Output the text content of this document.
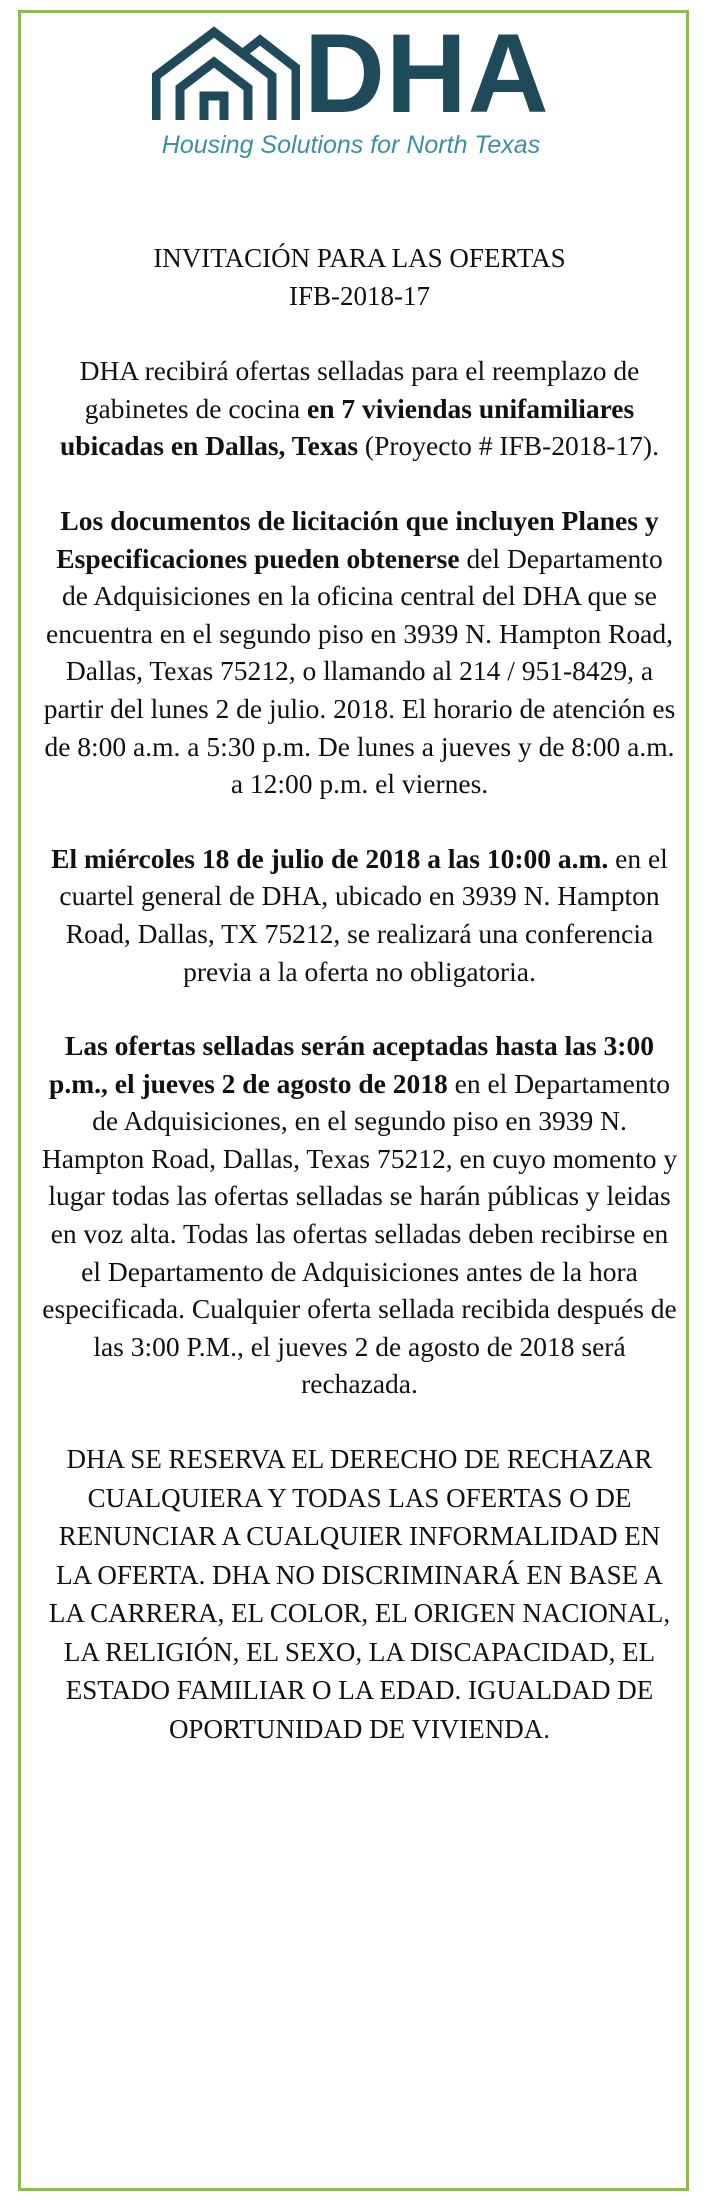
DHA
Housing Solutions for North Texas

INVITACIÓN PARA LAS OFERTAS

IFB-2018-17

DHA recibirá ofertas selladas para el reemplazo de gabinetes de cocina en 7 viviendas unifamiliares ubicadas en Dallas, Texas (Proyecto # IFB-2018-17).

Los documentos de licitación que incluyen Planes y Especificaciones pueden obtenerse del Departamento de Adquisiciones en la oficina central del DHA que se encuentra en el segundo piso en 3939 N. Hampton Road, Dallas, Texas 75212, o llamando al 214 / 951-8429, a partir del lunes 2 de julio. 2018. El horario de atención es de 8:00 a.m. a 5:30 p.m. De lunes a jueves y de 8:00 a.m. a 12:00 p.m. el viernes.

El miércoles 18 de julio de 2018 a las 10:00 a.m. en el cuartel general de DHA, ubicado en 3939 N. Hampton Road, Dallas, TX 75212, se realizará una conferencia previa a la oferta no obligatoria.

Las ofertas selladas serán aceptadas hasta las 3:00 p.m., el jueves 2 de agosto de 2018 en el Departamento de Adquisiciones, en el segundo piso en 3939 N. Hampton Road, Dallas, Texas 75212, en cuyo momento y lugar todas las ofertas selladas se harán públicas y leidas en voz alta. Todas las ofertas selladas deben recibirse en el Departamento de Adquisiciones antes de la hora especificada. Cualquier oferta sellada recibida después de las 3:00 P.M., el jueves 2 de agosto de 2018 será rechazada.

DHA SE RESERVA EL DERECHO DE RECHAZAR CUALQUIERA Y TODAS LAS OFERTAS O DE RENUNCIAR A CUALQUIER INFORMALIDAD EN LA OFERTA. DHA NO DISCRIMINARÁ EN BASE A LA CARRERA, EL COLOR, EL ORIGEN NACIONAL, LA RELIGIÓN, EL SEXO, LA DISCAPACIDAD, EL ESTADO FAMILIAR O LA EDAD. IGUALDAD DE OPORTUNIDAD DE VIVIENDA.
